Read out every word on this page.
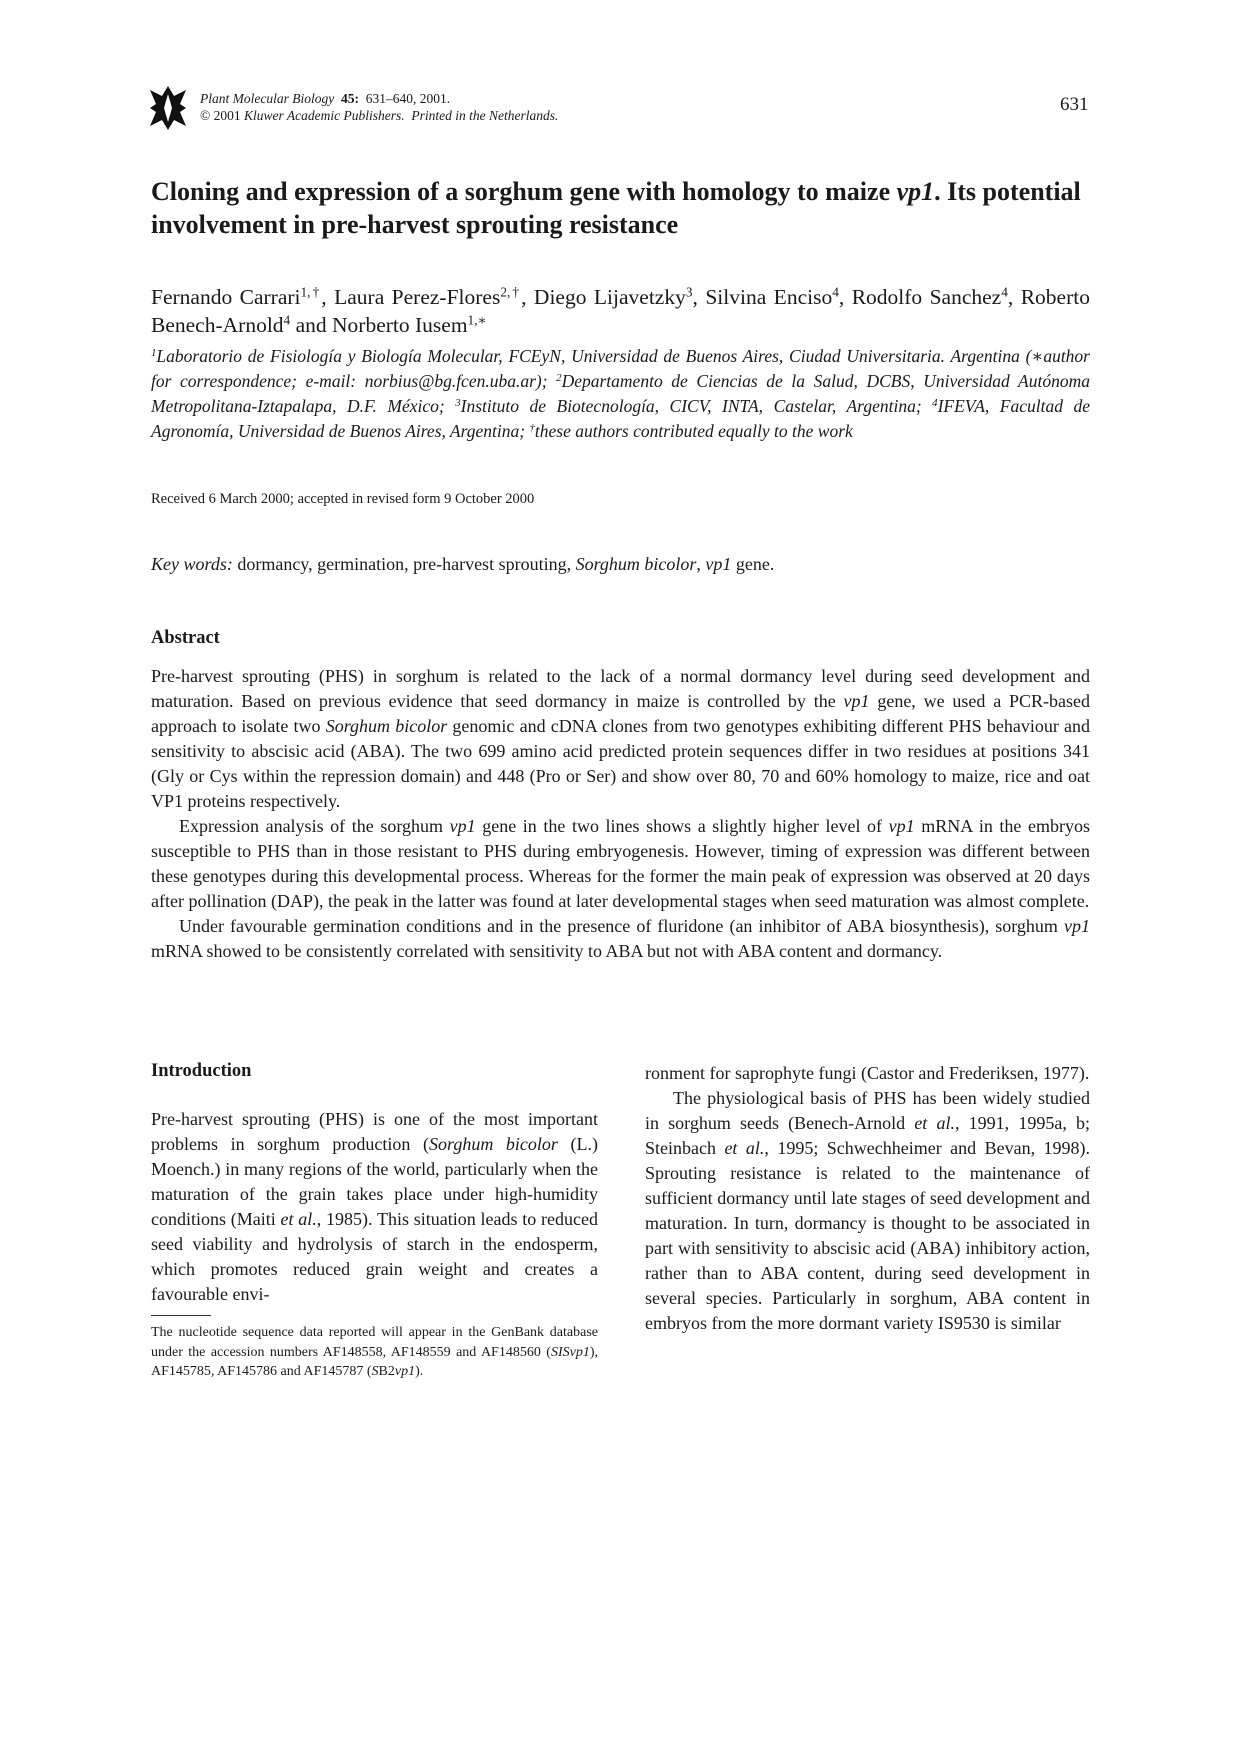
Plant Molecular Biology 45: 631–640, 2001.
© 2001 Kluwer Academic Publishers. Printed in the Netherlands.
631
Cloning and expression of a sorghum gene with homology to maize vp1. Its potential involvement in pre-harvest sprouting resistance
Fernando Carrari$^{1,\dagger}$, Laura Perez-Flores$^{2,\dagger}$, Diego Lijavetzky$^3$, Silvina Enciso$^4$, Rodolfo Sanchez$^4$, Roberto Benech-Arnold$^4$ and Norberto Iusem$^{1,∗}$
$^1$Laboratorio de Fisiología y Biología Molecular, FCEyN, Universidad de Buenos Aires, Ciudad Universitaria. Argentina (∗author for correspondence; e-mail: norbius@bg.fcen.uba.ar); $^2$Departamento de Ciencias de la Salud, DCBS, Universidad Autónoma Metropolitana-Iztapalapa, D.F. México; $^3$Instituto de Biotecnología, CICV, INTA, Castelar, Argentina; $^4$IFEVA, Facultad de Agronomía, Universidad de Buenos Aires, Argentina; †these authors contributed equally to the work
Received 6 March 2000; accepted in revised form 9 October 2000
Key words: dormancy, germination, pre-harvest sprouting, Sorghum bicolor, vp1 gene.
Abstract

Pre-harvest sprouting (PHS) in sorghum is related to the lack of a normal dormancy level during seed development and maturation. Based on previous evidence that seed dormancy in maize is controlled by the vp1 gene, we used a PCR-based approach to isolate two Sorghum bicolor genomic and cDNA clones from two genotypes exhibiting different PHS behaviour and sensitivity to abscisic acid (ABA). The two 699 amino acid predicted protein sequences differ in two residues at positions 341 (Gly or Cys within the repression domain) and 448 (Pro or Ser) and show over 80, 70 and 60% homology to maize, rice and oat VP1 proteins respectively.

Expression analysis of the sorghum vp1 gene in the two lines shows a slightly higher level of vp1 mRNA in the embryos susceptible to PHS than in those resistant to PHS during embryogenesis. However, timing of expression was different between these genotypes during this developmental process. Whereas for the former the main peak of expression was observed at 20 days after pollination (DAP), the peak in the latter was found at later developmental stages when seed maturation was almost complete.

Under favourable germination conditions and in the presence of fluridone (an inhibitor of ABA biosynthesis), sorghum vp1 mRNA showed to be consistently correlated with sensitivity to ABA but not with ABA content and dormancy.

Introduction
Pre-harvest sprouting (PHS) is one of the most important problems in sorghum production (Sorghum bicolor (L.) Moench.) in many regions of the world, particularly when the maturation of the grain takes place under high-humidity conditions (Maiti et al., 1985). This situation leads to reduced seed viability and hydrolysis of starch in the endosperm, which promotes reduced grain weight and creates a favourable envi-
The nucleotide sequence data reported will appear in the GenBank database under the accession numbers AF148558, AF148559 and AF148560 (SISvp1), AF145785, AF145786 and AF145787 (SB2vp1).

ronment for saprophyte fungi (Castor and Frederiksen, 1977).

The physiological basis of PHS has been widely studied in sorghum seeds (Benech-Arnold et al., 1991, 1995a, b; Steinbach et al., 1995; Schwechheimer and Bevan, 1998). Sprouting resistance is related to the maintenance of sufficient dormancy until late stages of seed development and maturation. In turn, dormancy is thought to be associated in part with sensitivity to abscisic acid (ABA) inhibitory action, rather than to ABA content, during seed development in several species. Particularly in sorghum, ABA content in embryos from the more dormant variety IS9530 is similar
